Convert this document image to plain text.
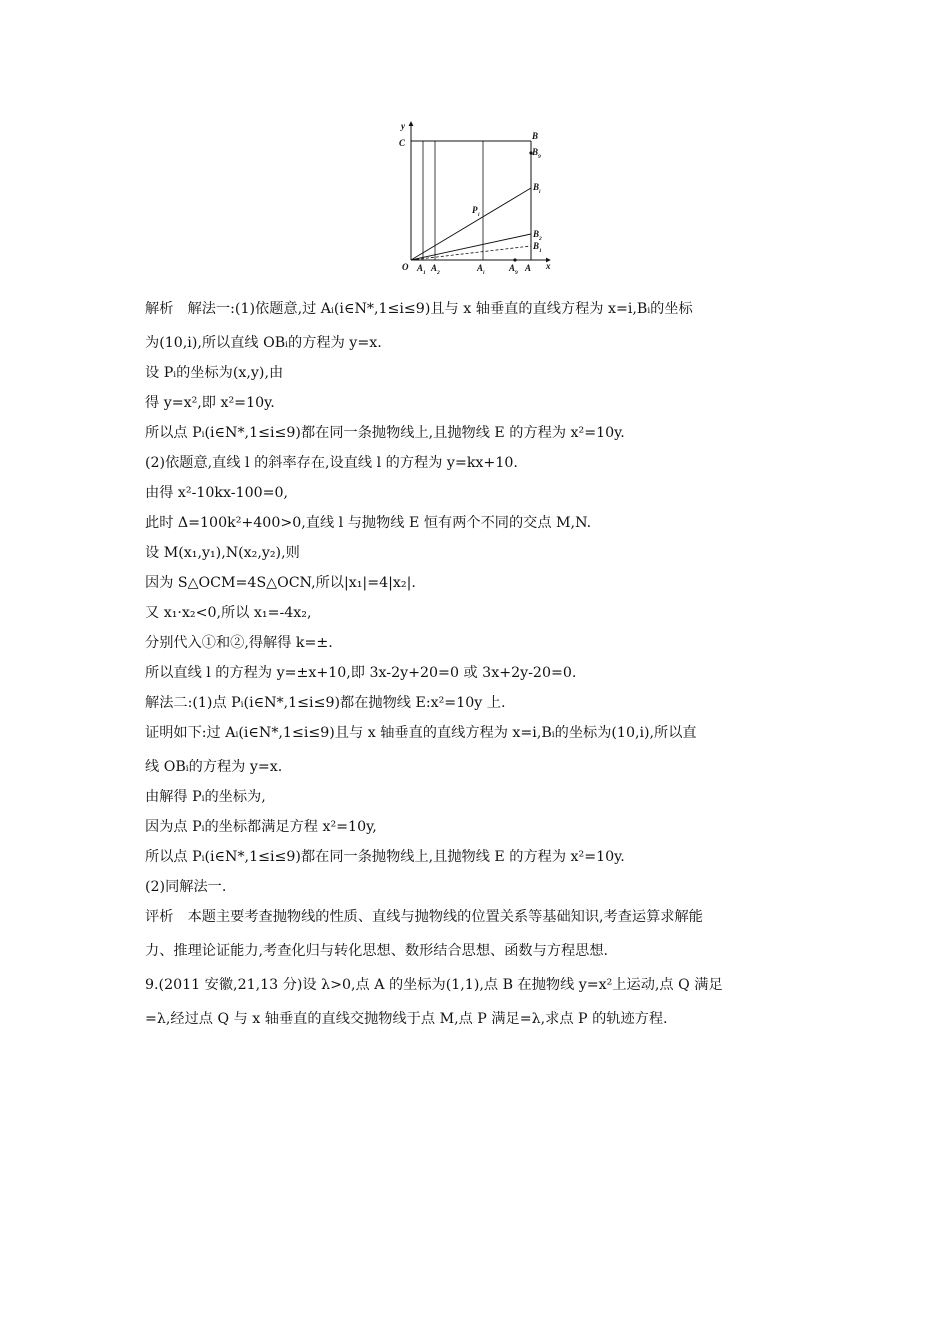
y
C
O	x
B
B 9
B i
B 2
B 1
P i
A 1 A 2	A i	A 9 A

解析　解法一:(1)依题意,过 Aᵢ(i∈N*,1≤i≤9)且与 x 轴垂直的直线方程为 x=i,Bᵢ的坐标

为(10,i),所以直线 OBᵢ的方程为 y=x.

设 Pᵢ的坐标为(x,y),由

得 y=x²,即 x²=10y.

所以点 Pᵢ(i∈N*,1≤i≤9)都在同一条抛物线上,且抛物线 E 的方程为 x²=10y.

(2)依题意,直线 l 的斜率存在,设直线 l 的方程为 y=kx+10.

由得 x²-10kx-100=0,

此时 Δ=100k²+400>0,直线 l 与抛物线 E 恒有两个不同的交点 M,N.

设 M(x₁,y₁),N(x₂,y₂),则

因为 S△OCM=4S△OCN,所以|x₁|=4|x₂|.

又 x₁·x₂<0,所以 x₁=-4x₂,

分别代入①和②,得解得 k=±.

所以直线 l 的方程为 y=±x+10,即 3x-2y+20=0 或 3x+2y-20=0.

解法二:(1)点 Pᵢ(i∈N*,1≤i≤9)都在抛物线 E:x²=10y 上.

证明如下:过 Aᵢ(i∈N*,1≤i≤9)且与 x 轴垂直的直线方程为 x=i,Bᵢ的坐标为(10,i),所以直

线 OBᵢ的方程为 y=x.

由解得 Pᵢ的坐标为,

因为点 Pᵢ的坐标都满足方程 x²=10y,

所以点 Pᵢ(i∈N*,1≤i≤9)都在同一条抛物线上,且抛物线 E 的方程为 x²=10y.

(2)同解法一.

评析　本题主要考查抛物线的性质、直线与抛物线的位置关系等基础知识,考查运算求解能

力、推理论证能力,考查化归与转化思想、数形结合思想、函数与方程思想.

9.(2011 安徽,21,13 分)设 λ>0,点 A 的坐标为(1,1),点 B 在抛物线 y=x²上运动,点 Q 满足

=λ,经过点 Q 与 x 轴垂直的直线交抛物线于点 M,点 P 满足=λ,求点 P 的轨迹方程.
